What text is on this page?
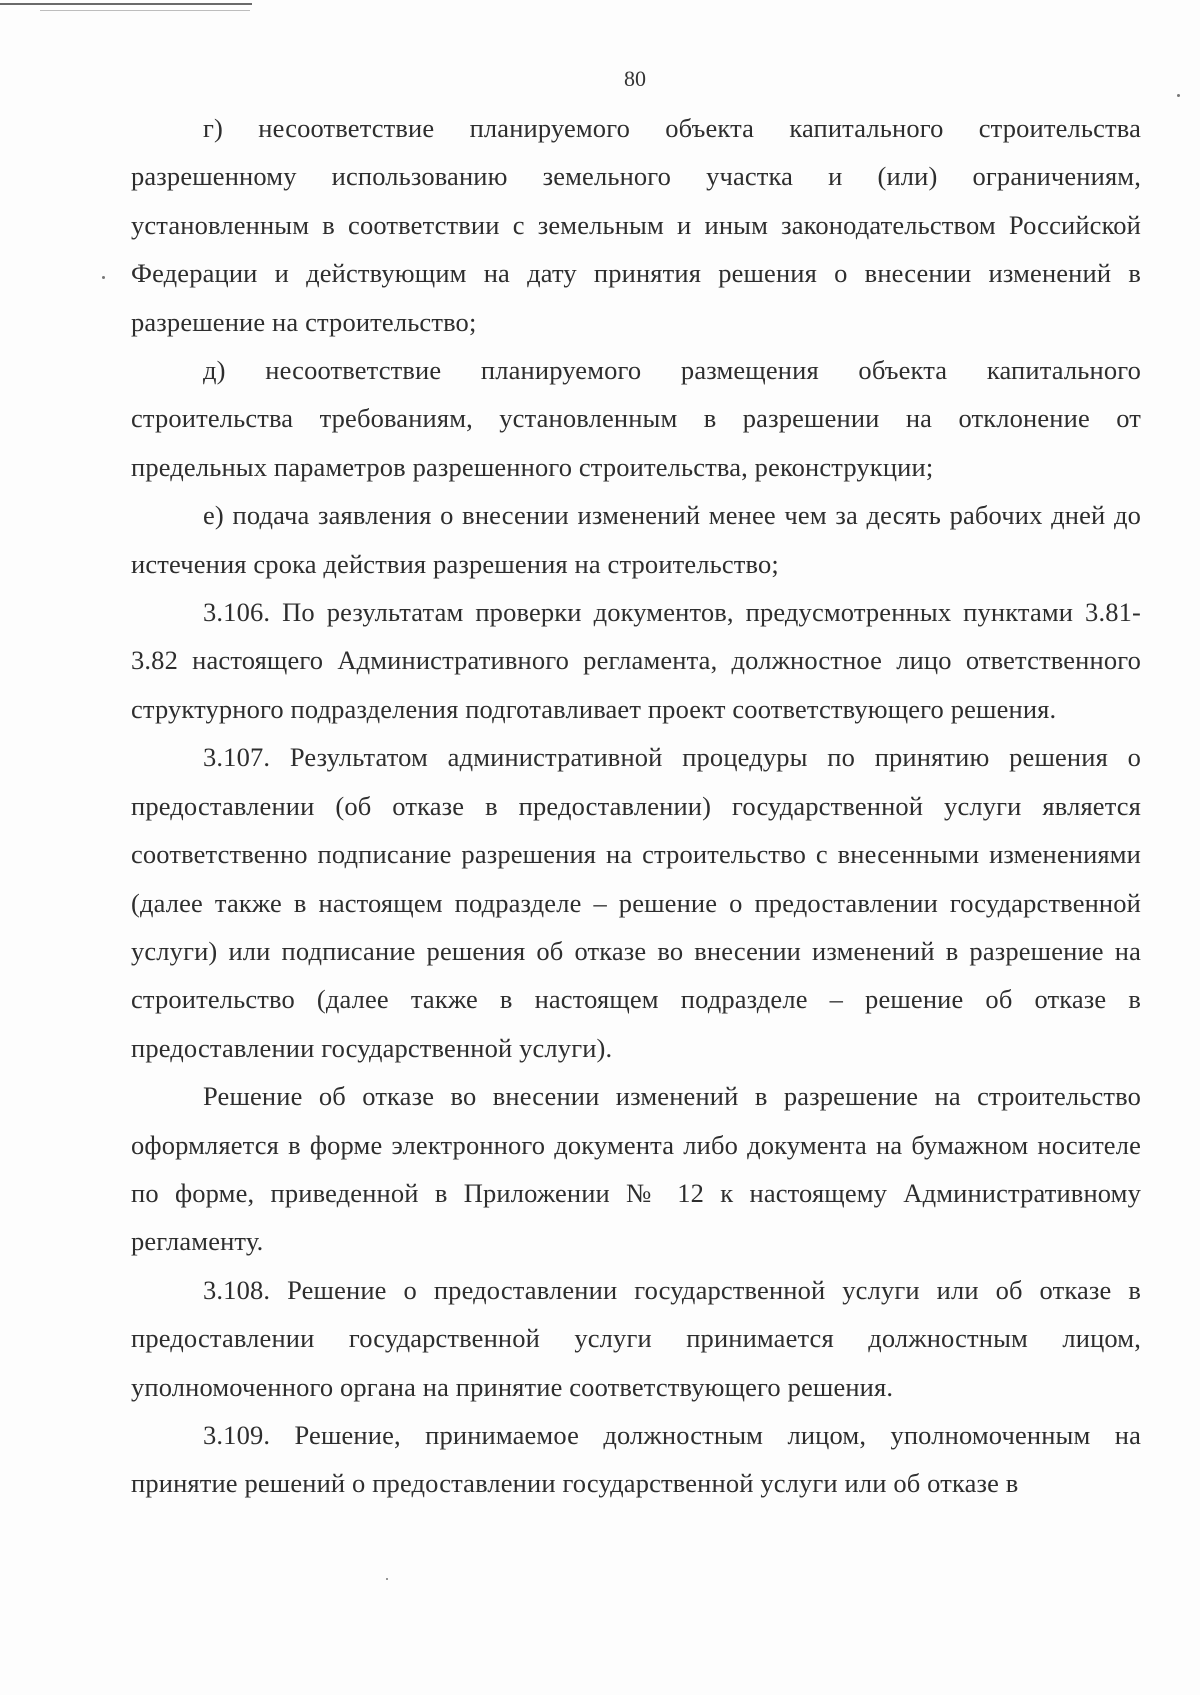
80

г) несоответствие планируемого объекта капитального строительства разрешенному использованию земельного участка и (или) ограничениям, установленным в соответствии с земельным и иным законодательством Российской Федерации и действующим на дату принятия решения о внесении изменений в разрешение на строительство;

д) несоответствие планируемого размещения объекта капитального строительства требованиям, установленным в разрешении на отклонение от предельных параметров разрешенного строительства, реконструкции;

е) подача заявления о внесении изменений менее чем за десять рабочих дней до истечения срока действия разрешения на строительство;

3.106. По результатам проверки документов, предусмотренных пунктами 3.81-3.82 настоящего Административного регламента, должностное лицо ответственного структурного подразделения подготавливает проект соответствующего решения.

3.107. Результатом административной процедуры по принятию решения о предоставлении (об отказе в предоставлении) государственной услуги является соответственно подписание разрешения на строительство с внесенными изменениями (далее также в настоящем подразделе – решение о предоставлении государственной услуги) или подписание решения об отказе во внесении изменений в разрешение на строительство (далее также в настоящем подразделе – решение об отказе в предоставлении государственной услуги).

Решение об отказе во внесении изменений в разрешение на строительство оформляется в форме электронного документа либо документа на бумажном носителе по форме, приведенной в Приложении № 12 к настоящему Административному регламенту.

3.108. Решение о предоставлении государственной услуги или об отказе в предоставлении государственной услуги принимается должностным лицом, уполномоченного органа на принятие соответствующего решения.

3.109. Решение, принимаемое должностным лицом, уполномоченным на принятие решений о предоставлении государственной услуги или об отказе в
